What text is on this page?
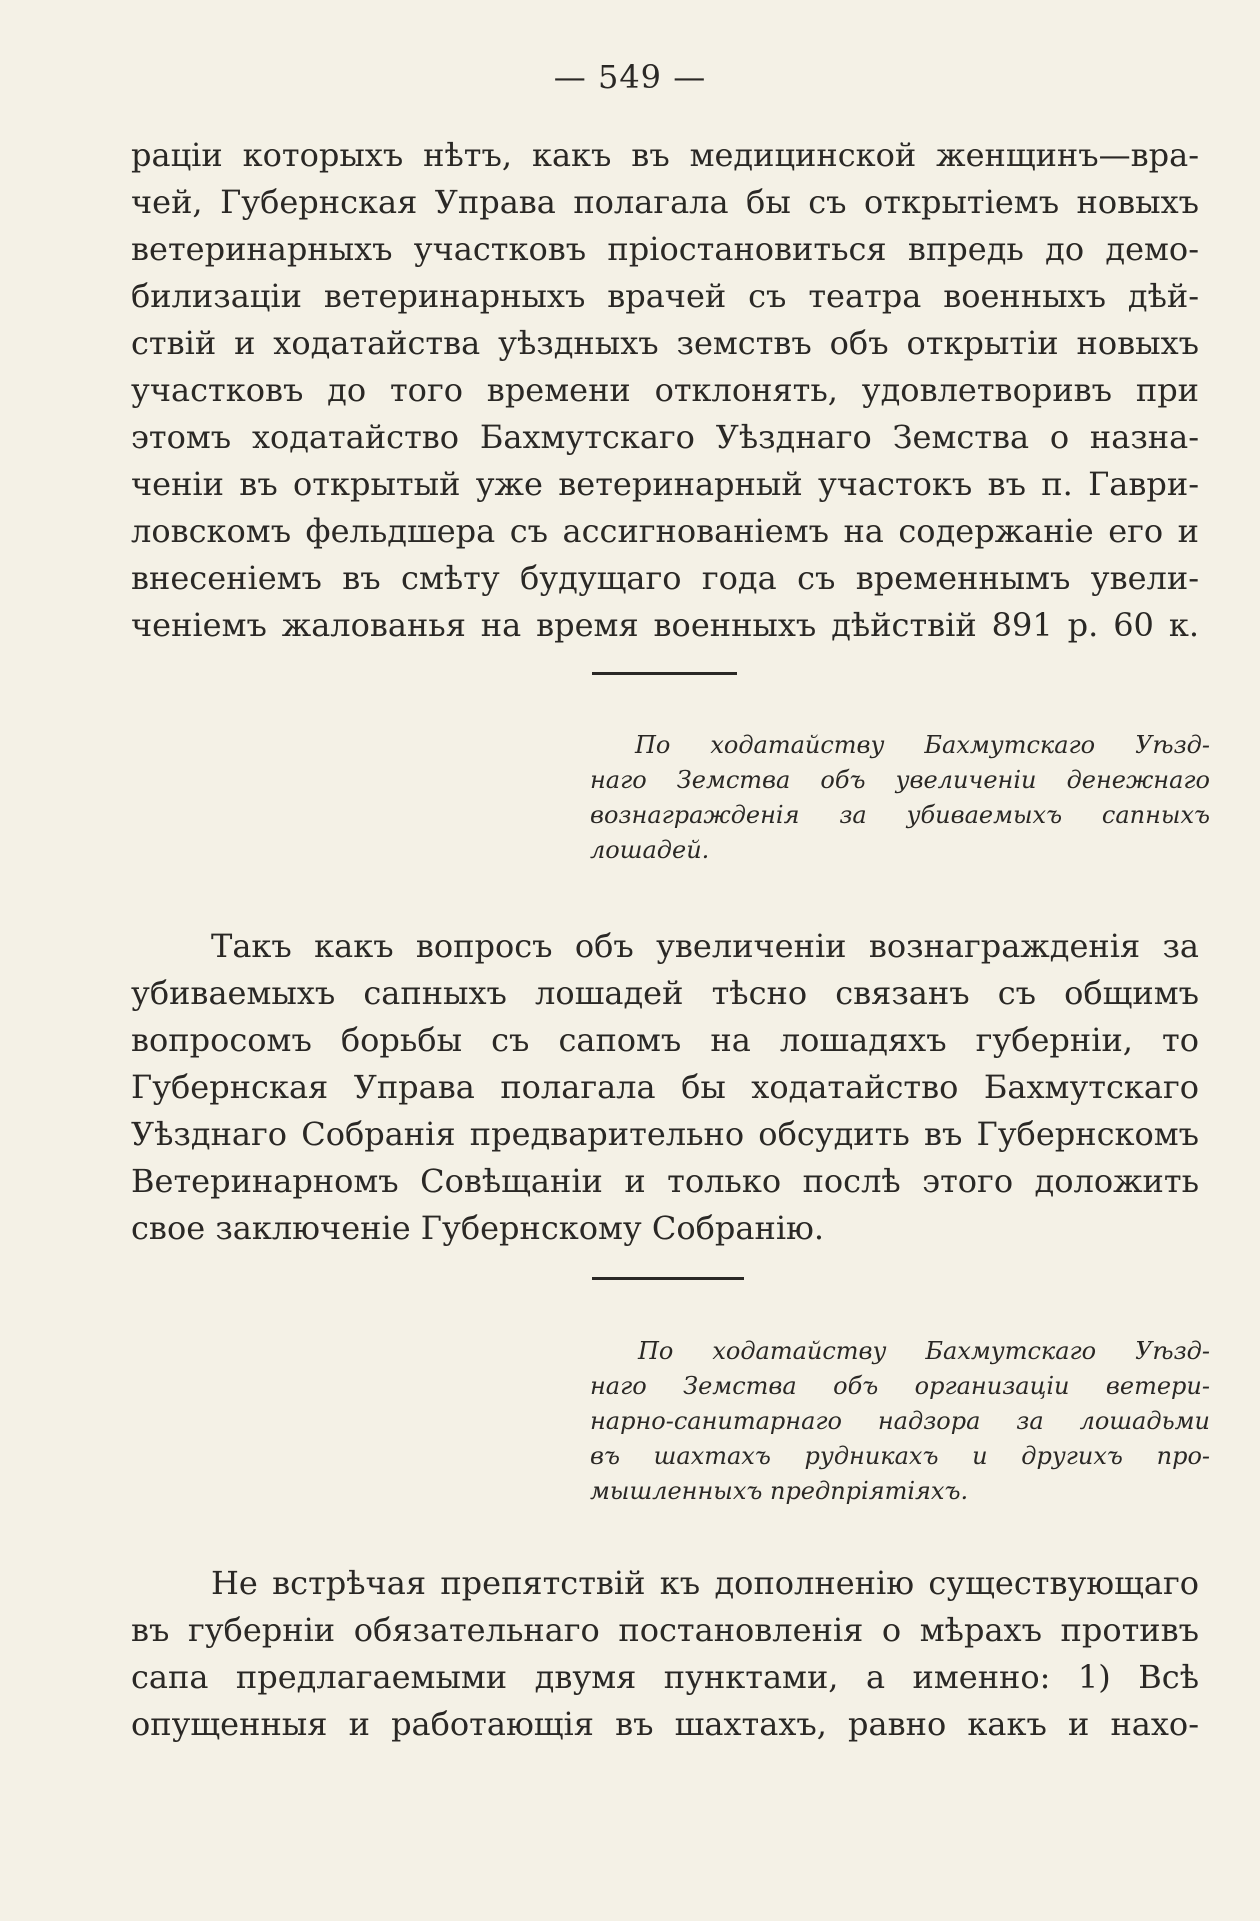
— 549 —
раціи которыхъ нѣтъ, какъ въ медицинской женщинъ—вра-
чей, Губернская Управа полагала бы съ открытіемъ новыхъ
ветеринарныхъ участковъ пріостановиться впредь до демо-
билизаціи ветеринарныхъ врачей съ театра военныхъ дѣй-
ствій и ходатайства уѣздныхъ земствъ объ открытіи новыхъ
участковъ до того времени отклонять, удовлетворивъ при
этомъ ходатайство Бахмутскаго Уѣзднаго Земства о назна-
ченіи въ открытый уже ветеринарный участокъ въ п. Гаври-
ловскомъ фельдшера съ ассигнованіемъ на содержаніе его и
внесеніемъ въ смѣту будущаго года съ временнымъ увели-
ченіемъ жалованья на время военныхъ дѣйствій 891 р. 60 к.
По ходатайству Бахмутскаго Уѣзд-
наго Земства объ увеличеніи денежнаго
вознагражденія за убиваемыхъ сапныхъ
лошадей.
Такъ какъ вопросъ объ увеличеніи вознагражденія за
убиваемыхъ сапныхъ лошадей тѣсно связанъ съ общимъ
вопросомъ борьбы съ сапомъ на лошадяхъ губерніи, то
Губернская Управа полагала бы ходатайство Бахмутскаго
Уѣзднаго Собранія предварительно обсудить въ Губернскомъ
Ветеринарномъ Совѣщаніи и только послѣ этого доложить
свое заключеніе Губернскому Собранію.
По ходатайству Бахмутскаго Уѣзд-
наго Земства объ организаціи ветери-
нарно-санитарнаго надзора за лошадьми
въ шахтахъ рудникахъ и другихъ про-
мышленныхъ предпріятіяхъ.
Не встрѣчая препятствій къ дополненію существующаго
въ губерніи обязательнаго постановленія о мѣрахъ противъ
сапа предлагаемыми двумя пунктами, а именно: 1) Всѣ
опущенныя и работающія въ шахтахъ, равно какъ и нахо-
